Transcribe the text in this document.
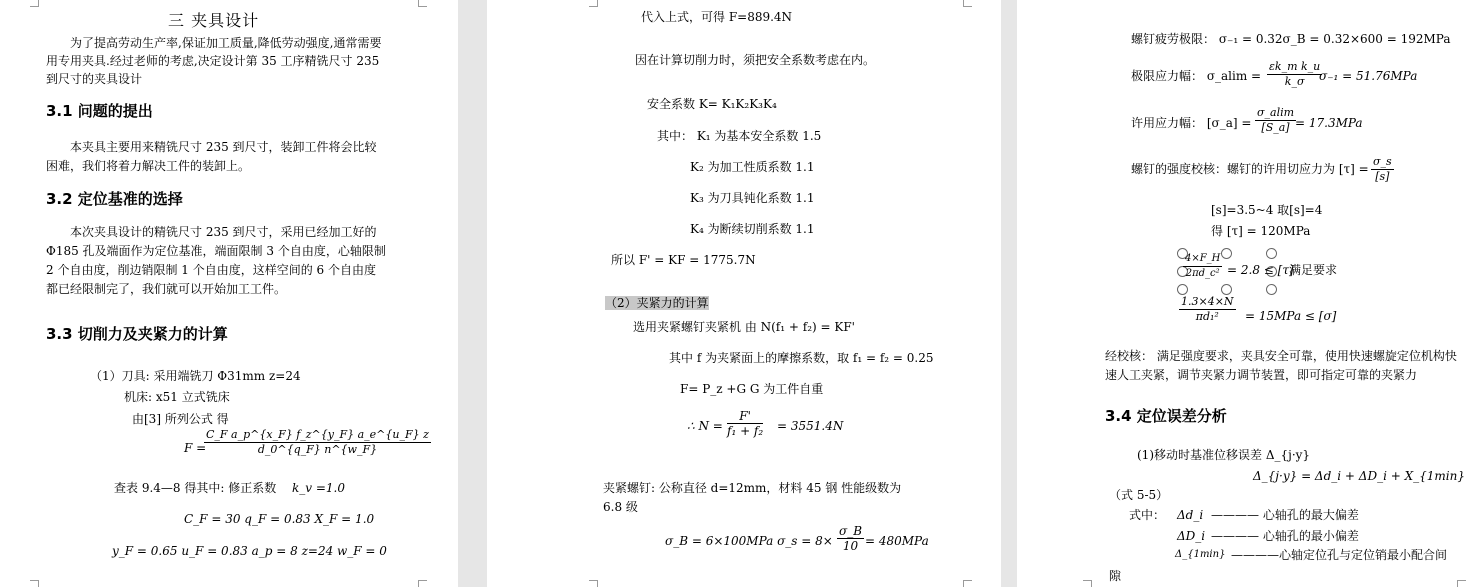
三 夹具设计
为了提高劳动生产率,保证加工质量,降低劳动强度,通常需要用专用夹具.经过老师的考虑,决定设计第 35 工序精铣尺寸 235 到尺寸的夹具设计
3.1 问题的提出
本夹具主要用来精铣尺寸 235 到尺寸，装卸工件将会比较困难，我们将着力解决工件的装卸上。
3.2 定位基准的选择
本次夹具设计的精铣尺寸 235 到尺寸，采用已经加工好的Φ185 孔及端面作为定位基准，端面限制 3 个自由度，心轴限制 2 个自由度，削边销限制 1 个自由度，这样空间的 6 个自由度都已经限制完了，我们就可以开始加工工件。
3.3 切削力及夹紧力的计算
（1）刀具: 采用端铣刀 Φ31mm z=24
机床: x51 立式铣床
由[3] 所列公式 得
F =
$\frac{\text{C\_F a\_p\textasciicircum{}\{x\_F\} f\_z\textasciicircum{}\{y\_F\} a\_e\textasciicircum{}\{u\_F\} z}}{d\_0\^{}\{q\_F\} n\^{}\{w\_F\}}$
查表 9.4—8 得其中: 修正系数 k_v =1.0
C_F = 30 q_F = 0.83 X_F = 1.0
y_F = 0.65 u_F = 0.83 a_p = 8 z=24 w_F = 0
代入上式，可得 F=889.4N
因在计算切削力时，须把安全系数考虑在内。
安全系数 K= K₁K₂K₃K₄
其中： K₁ 为基本安全系数 1.5
K₂ 为加工性质系数 1.1
K₃ 为刀具钝化系数 1.1
K₄ 为断续切削系数 1.1
所以 F' = KF = 1775.7N
（2）夹紧力的计算
选用夹紧螺钉夹紧机 由 N(f₁ + f₂) = KF'
其中 f 为夹紧面上的摩擦系数，取 f₁ = f₂ = 0.25
F= P_z +G G 为工件自重
∴ $N = \frac{F'}{\text{f₁ + f₂}} = 3551.4N$
夹紧螺钉: 公称直径 d=12mm，材料 45 钢 性能级数为 6.8 级
σ_B = 6×100MPa σ_s = $8\times \frac{\sigma\_B}{10} = 480MPa$
螺钉疲劳极限： σ₋₁ = 0.32σ_B = 0.32×600 = 192MPa
极限应力幅： σ_alim = $\frac{\text{εk\_m k\_u}}{k\_\sigma}$
σ₋₁ = 51.76MPa
许用应力幅： [σ_a] = $\frac{\sigma\_alim}{[S\_a]}$
= 17.3MPa
螺钉的强度校核：螺钉的许用切应力为 $[\tau] = \frac{\sigma\_s}{[s]}$
[s]=3.5~4 取[s]=4
得 [τ] = 120MPa
$\frac{4\times F\_H}{\text{2πd\_c²}} = 2.8 \le [\tau]$
满足要求
$\frac{1.3\times 4\times N}{\text{πd₁²}} = 15MPa \le [\sigma]$
经校核： 满足强度要求，夹具安全可靠，使用快速螺旋定位机构快速人工夹紧，调节夹紧力调节装置，即可指定可靠的夹紧力
3.4 定位误差分析
(1)移动时基准位移误差 Δ_{j·y}
Δ_{j·y} = Δd_i + ΔD_i + X_{1min}
（式 5-5）
式中： Δd_i ———— 心轴孔的最大偏差
ΔD_i ———— 心轴孔的最小偏差
Δ_{1min} ————心轴定位孔与定位销最小配合间
隙
